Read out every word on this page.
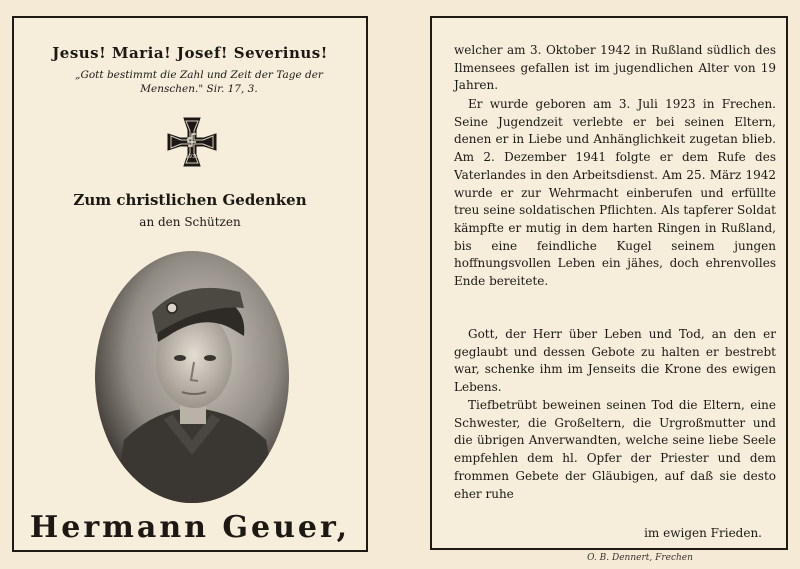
Jesus! Maria! Josef! Severinus!
„Gott bestimmt die Zahl und Zeit der Tage der Menschen." Sir. 17, 3.
1939
Zum christlichen Gedenken
an den Schützen
Hermann Geuer,

welcher am 3. Oktober 1942 in Rußland südlich des Ilmensees gefallen ist im jugendlichen Alter von 19 Jahren.

Er wurde geboren am 3. Juli 1923 in Frechen. Seine Jugendzeit verlebte er bei seinen Eltern, denen er in Liebe und Anhänglichkeit zugetan blieb. Am 2. Dezember 1941 folgte er dem Rufe des Vaterlandes in den Arbeitsdienst. Am 25. März 1942 wurde er zur Wehrmacht einberufen und erfüllte treu seine soldatischen Pflichten. Als tapferer Soldat kämpfte er mutig in dem harten Ringen in Rußland, bis eine feindliche Kugel seinem jungen hoffnungsvollen Leben ein jähes, doch ehrenvolles Ende bereitete.

Gott, der Herr über Leben und Tod, an den er geglaubt und dessen Gebote zu halten er bestrebt war, schenke ihm im Jenseits die Krone des ewigen Lebens.

Tiefbetrübt beweinen seinen Tod die Eltern, eine Schwester, die Großeltern, die Urgroßmutter und die übrigen Anverwandten, welche seine liebe Seele empfehlen dem hl. Opfer der Priester und dem frommen Gebete der Gläubigen, auf daß sie desto eher ruhe

im ewigen Frieden.
O. B. Dennert, Frechen
